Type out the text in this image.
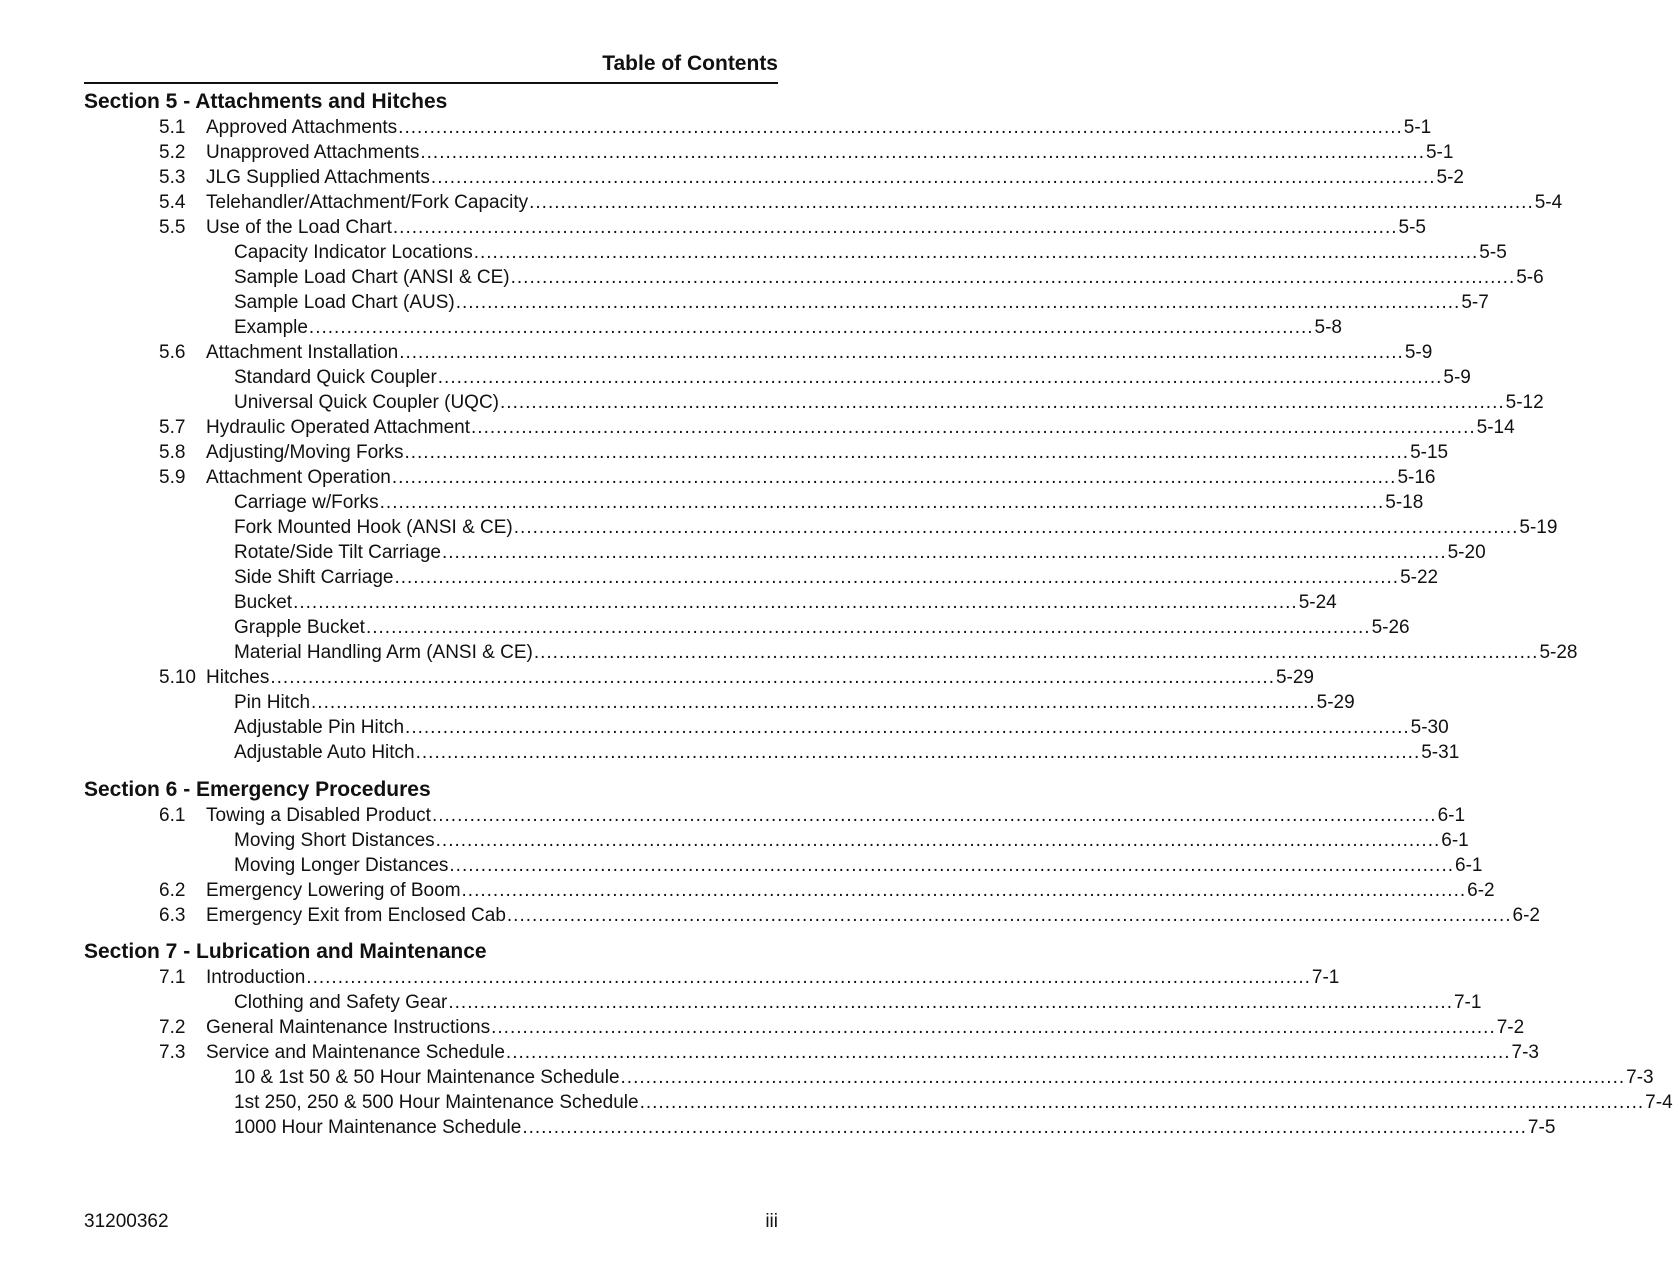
Table of Contents
Section 5 - Attachments and Hitches
5.1 Approved Attachments ................................................................................................................................................................ 5-1
5.2 Unapproved Attachments ................................................................................................................................................................ 5-1
5.3 JLG Supplied Attachments ................................................................................................................................................................ 5-2
5.4 Telehandler/Attachment/Fork Capacity ................................................................................................................................................................ 5-4
5.5 Use of the Load Chart ................................................................................................................................................................ 5-5
Capacity Indicator Locations ................................................................................................................................................................ 5-5
Sample Load Chart (ANSI & CE) ................................................................................................................................................................ 5-6
Sample Load Chart (AUS) ................................................................................................................................................................ 5-7
Example ................................................................................................................................................................ 5-8
5.6 Attachment Installation ................................................................................................................................................................ 5-9
Standard Quick Coupler ................................................................................................................................................................ 5-9
Universal Quick Coupler (UQC) ................................................................................................................................................................ 5-12
5.7 Hydraulic Operated Attachment ................................................................................................................................................................ 5-14
5.8 Adjusting/Moving Forks ................................................................................................................................................................ 5-15
5.9 Attachment Operation ................................................................................................................................................................ 5-16
Carriage w/Forks ................................................................................................................................................................ 5-18
Fork Mounted Hook (ANSI & CE) ................................................................................................................................................................ 5-19
Rotate/Side Tilt Carriage ................................................................................................................................................................ 5-20
Side Shift Carriage ................................................................................................................................................................ 5-22
Bucket ................................................................................................................................................................ 5-24
Grapple Bucket ................................................................................................................................................................ 5-26
Material Handling Arm (ANSI & CE) ................................................................................................................................................................ 5-28
5.10 Hitches ................................................................................................................................................................ 5-29
Pin Hitch ................................................................................................................................................................ 5-29
Adjustable Pin Hitch ................................................................................................................................................................ 5-30
Adjustable Auto Hitch ................................................................................................................................................................ 5-31
Section 6 - Emergency Procedures
6.1 Towing a Disabled Product ................................................................................................................................................................ 6-1
Moving Short Distances ................................................................................................................................................................ 6-1
Moving Longer Distances ................................................................................................................................................................ 6-1
6.2 Emergency Lowering of Boom ................................................................................................................................................................ 6-2
6.3 Emergency Exit from Enclosed Cab ................................................................................................................................................................ 6-2
Section 7 - Lubrication and Maintenance
7.1 Introduction ................................................................................................................................................................ 7-1
Clothing and Safety Gear ................................................................................................................................................................ 7-1
7.2 General Maintenance Instructions ................................................................................................................................................................ 7-2
7.3 Service and Maintenance Schedule ................................................................................................................................................................ 7-3
10 & 1st 50 & 50 Hour Maintenance Schedule ................................................................................................................................................................ 7-3
1st 250, 250 & 500 Hour Maintenance Schedule ................................................................................................................................................................ 7-4
1000 Hour Maintenance Schedule ................................................................................................................................................................ 7-5
31200362	iii
